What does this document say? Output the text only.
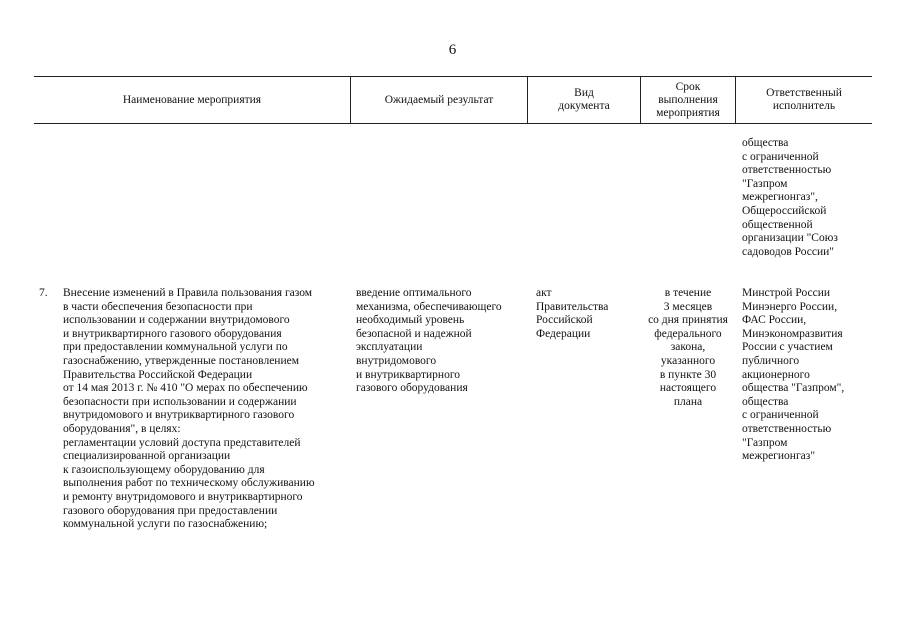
6
Наименование мероприятия	Ожидаемый результат
Вид
документа
Срок
выполнения
мероприятия
Ответственный
исполнитель
общества
с ограниченной
ответственностью
"Газпром
межрегионгаз",
Общероссийской
общественной
организации "Союз
садоводов России"
7.	Внесение изменений в Правила пользования газом
в части обеспечения безопасности при
использовании и содержании внутридомового
и внутриквартирного газового оборудования
при предоставлении коммунальной услуги по
газоснабжению, утвержденные постановлением
Правительства Российской Федерации
от 14 мая 2013 г. № 410 "О мерах по обеспечению
безопасности при использовании и содержании
внутридомового и внутриквартирного газового
оборудования", в целях:
регламентации условий доступа представителей
специализированной организации
к газоиспользующему оборудованию для
выполнения работ по техническому обслуживанию
и ремонту внутридомового и внутриквартирного
газового оборудования при предоставлении
коммунальной услуги по газоснабжению;
введение оптимального
механизма, обеспечивающего
необходимый уровень
безопасной и надежной
эксплуатации
внутридомового
и внутриквартирного
газового оборудования
акт
Правительства
Российской
Федерации
в течение
3 месяцев
со дня принятия
федерального
закона,
указанного
в пункте 30
настоящего
плана
Минстрой России
Минэнерго России,
ФАС России,
Минэкономразвития
России с участием
публичного
акционерного
общества "Газпром",
общества
с ограниченной
ответственностью
"Газпром
межрегионгаз"
